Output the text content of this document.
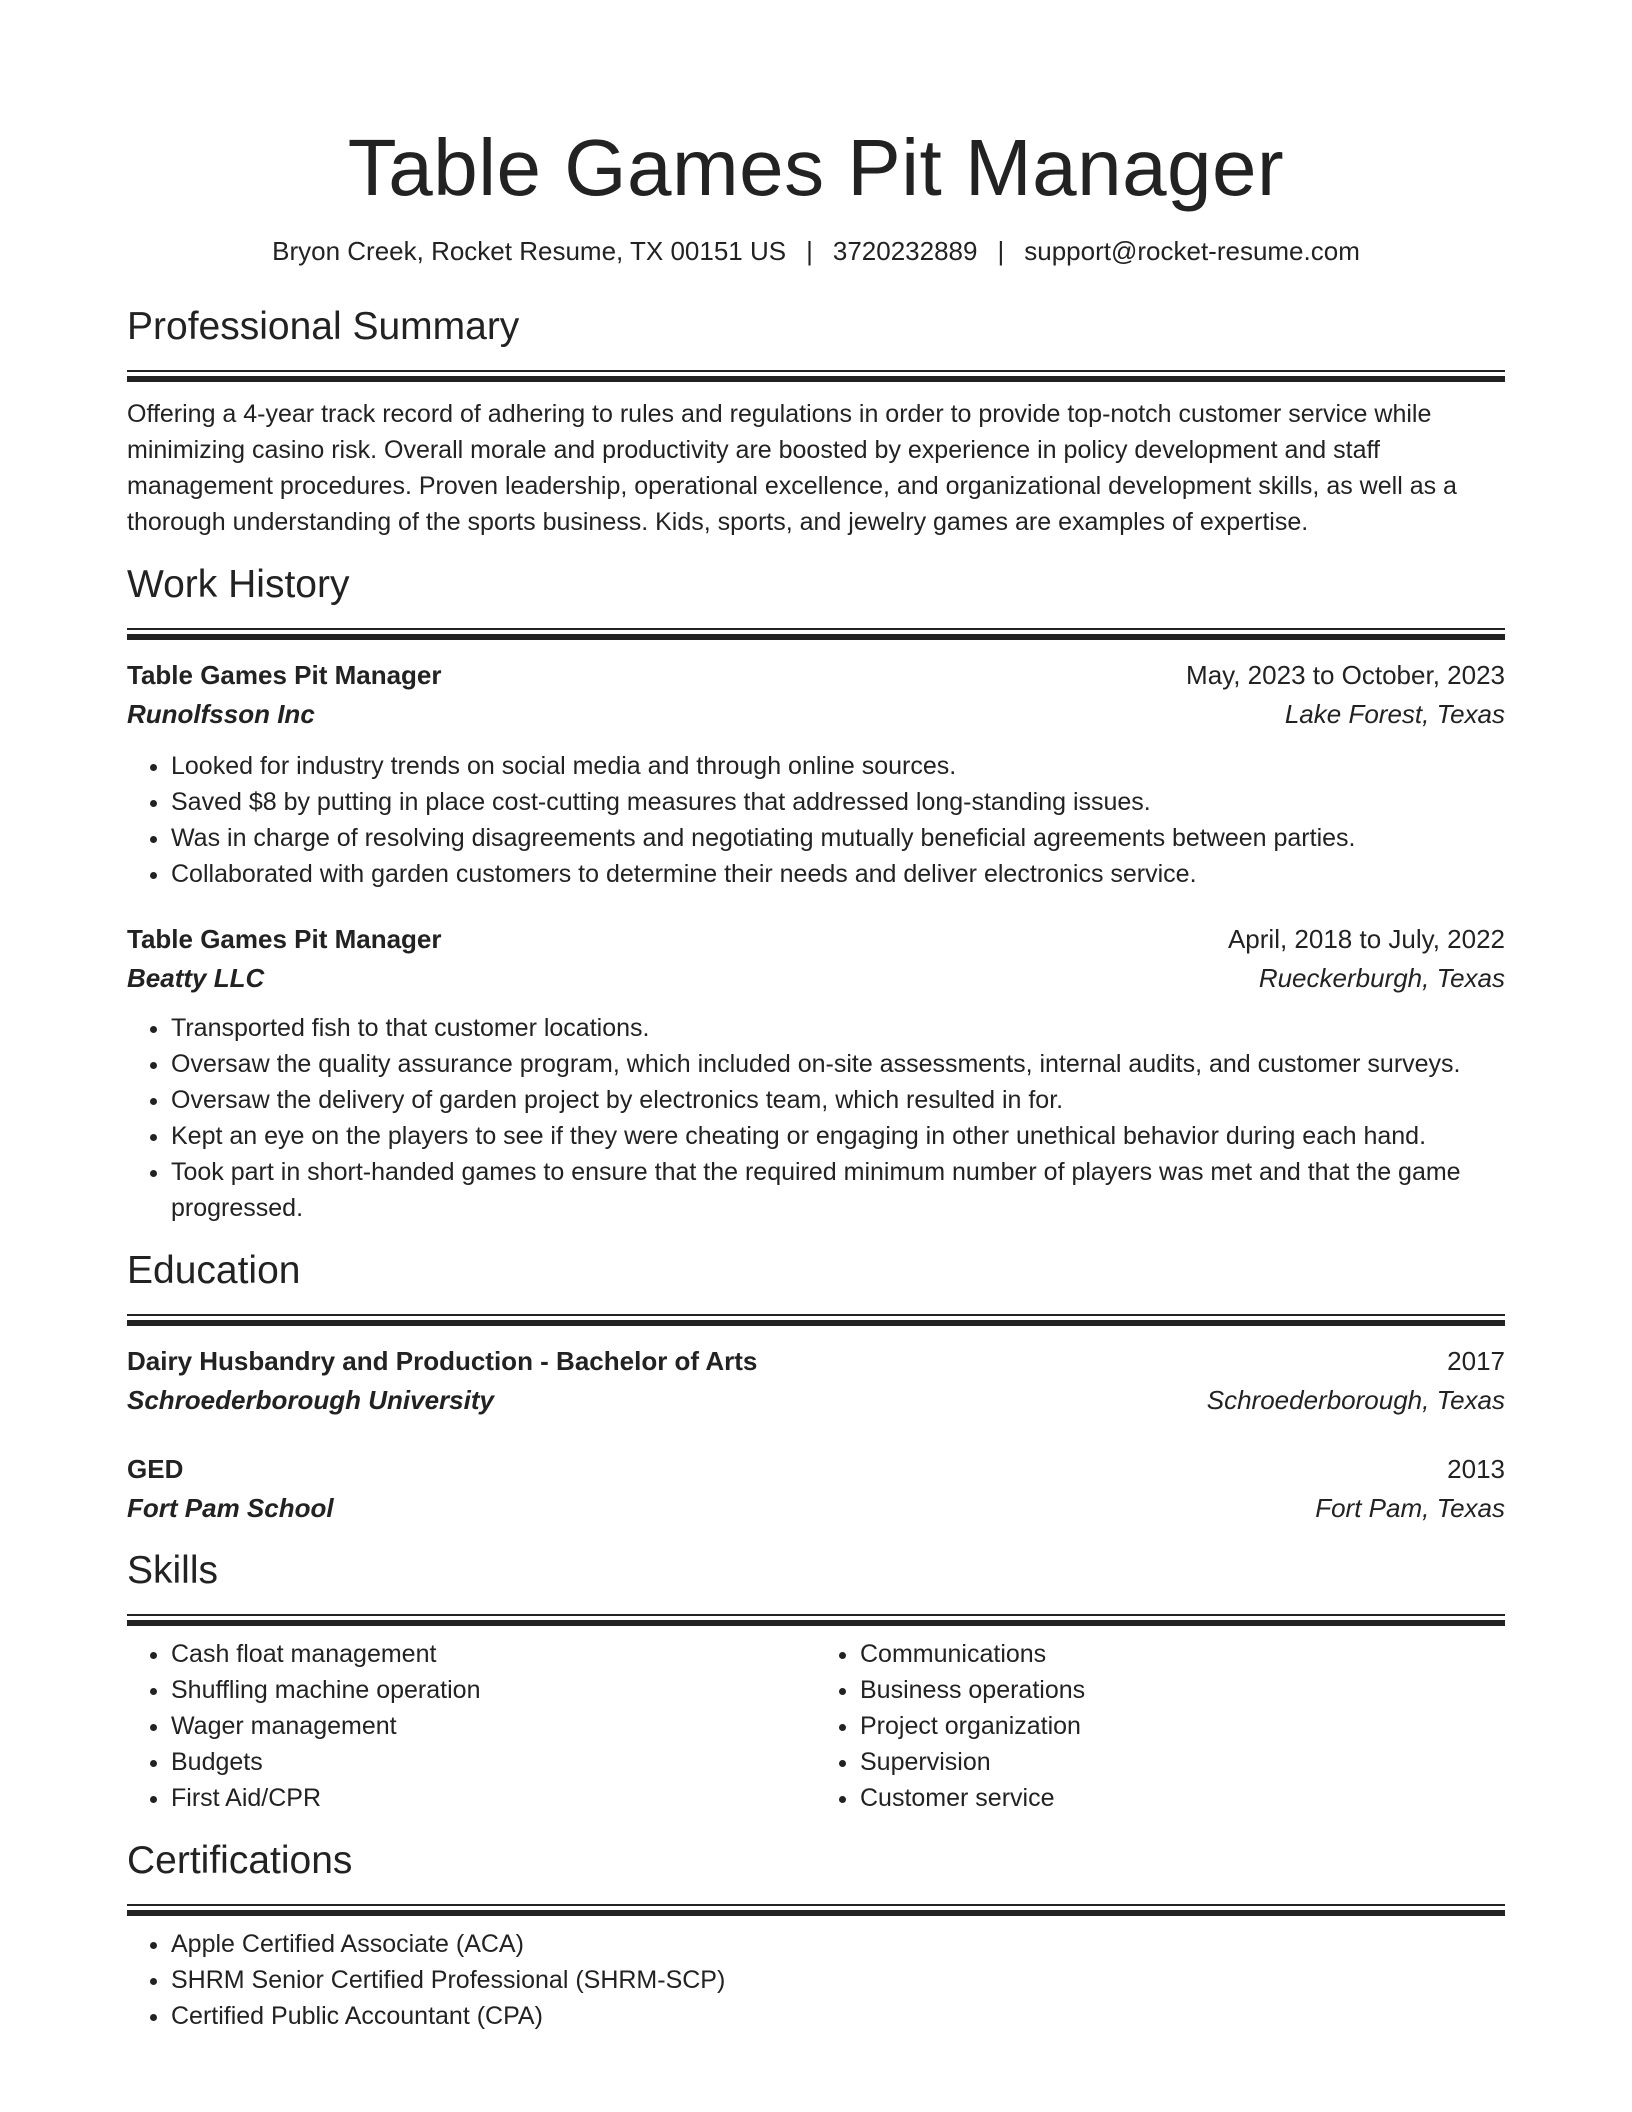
Table Games Pit Manager
Bryon Creek, Rocket Resume, TX 00151 US | 3720232889 | support@rocket-resume.com
Professional Summary
Offering a 4-year track record of adhering to rules and regulations in order to provide top-notch customer service while minimizing casino risk. Overall morale and productivity are boosted by experience in policy development and staff management procedures. Proven leadership, operational excellence, and organizational development skills, as well as a thorough understanding of the sports business. Kids, sports, and jewelry games are examples of expertise.
Work History
Table Games Pit Manager	May, 2023 to October, 2023
Runolfsson Inc	Lake Forest, Texas
• Looked for industry trends on social media and through online sources.
• Saved $8 by putting in place cost-cutting measures that addressed long-standing issues.
• Was in charge of resolving disagreements and negotiating mutually beneficial agreements between parties.
• Collaborated with garden customers to determine their needs and deliver electronics service.
Table Games Pit Manager	April, 2018 to July, 2022
Beatty LLC	Rueckerburgh, Texas
• Transported fish to that customer locations.
• Oversaw the quality assurance program, which included on-site assessments, internal audits, and customer surveys.
• Oversaw the delivery of garden project by electronics team, which resulted in for.
• Kept an eye on the players to see if they were cheating or engaging in other unethical behavior during each hand.
• Took part in short-handed games to ensure that the required minimum number of players was met and that the game progressed.
Education
Dairy Husbandry and Production - Bachelor of Arts	2017
Schroederborough University	Schroederborough, Texas
GED	2013
Fort Pam School	Fort Pam, Texas
Skills
• Cash float management
• Shuffling machine operation
• Wager management
• Budgets
• First Aid/CPR
• Communications
• Business operations
• Project organization
• Supervision
• Customer service
Certifications
• Apple Certified Associate (ACA)
• SHRM Senior Certified Professional (SHRM-SCP)
• Certified Public Accountant (CPA)
